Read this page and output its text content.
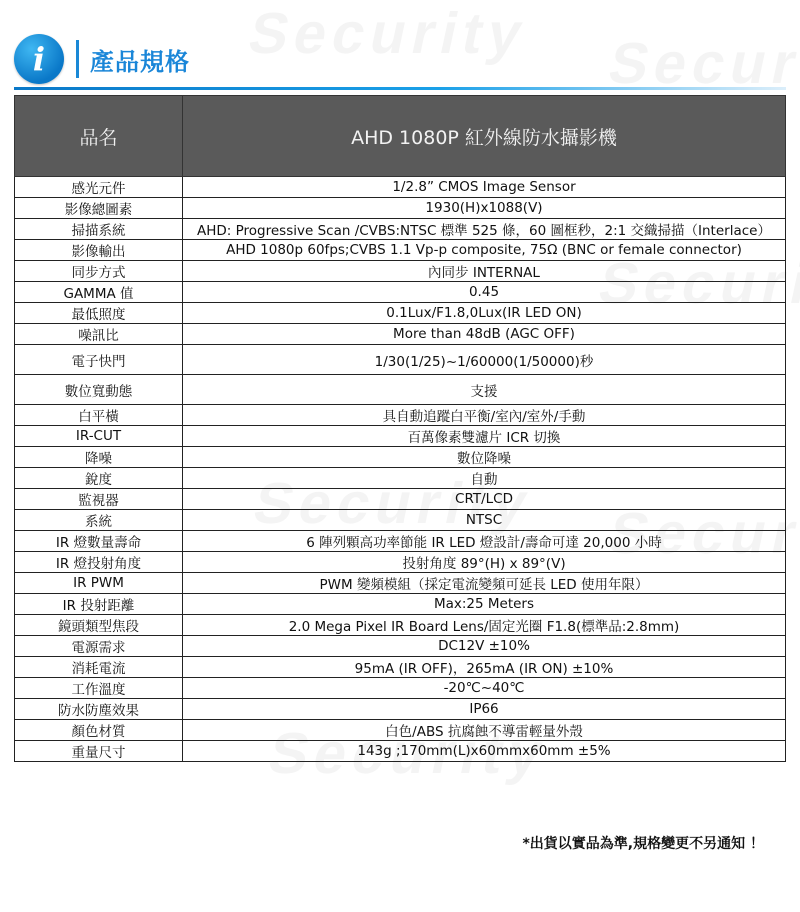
i	產品規格
品名	AHD 1080P 紅外線防水攝影機
感光元件	1/2.8” CMOS Image Sensor
影像總圖素	1930(H)x1088(V)
掃描系統	AHD: Progressive Scan /CVBS:NTSC 標準 525 條，60 圖框秒，2:1 交織掃描（Interlace）
影像輸出	AHD 1080p 60fps;CVBS 1.1 Vp-p composite, 75Ω (BNC or female connector)
同步方式	內同步 INTERNAL
GAMMA 值	0.45
最低照度	0.1Lux/F1.8,0Lux(IR LED ON)
噪訊比	More than 48dB (AGC OFF)
電子快門	1/30(1/25)~1/60000(1/50000)秒
數位寬動態	支援
白平橫	具自動追蹤白平衡/室內/室外/手動
IR-CUT	百萬像素雙濾片 ICR 切換
降噪	數位降噪
銳度	自動
監視器	CRT/LCD
系統	NTSC
IR 燈數量壽命	6 陣列顆高功率節能 IR LED 燈設計/壽命可達 20,000 小時
IR 燈投射角度	投射角度 89°(H) x 89°(V)
IR PWM	PWM 變頻模組（採定電流變頻可延長 LED 使用年限）
IR 投射距離	Max:25 Meters
鏡頭類型焦段	2.0 Mega Pixel IR Board Lens/固定光圈 F1.8(標準品:2.8mm)
電源需求	DC12V ±10%
消耗電流	95mA (IR OFF)，265mA (IR ON) ±10%
工作溫度	-20℃~40℃
防水防塵效果	IP66
顏色材質	白色/ABS 抗腐蝕不導雷輕量外殼
重量尺寸	143g ;170mm(L)x60mmx60mm ±5%
*出貨以實品為準,規格變更不另通知 ！
